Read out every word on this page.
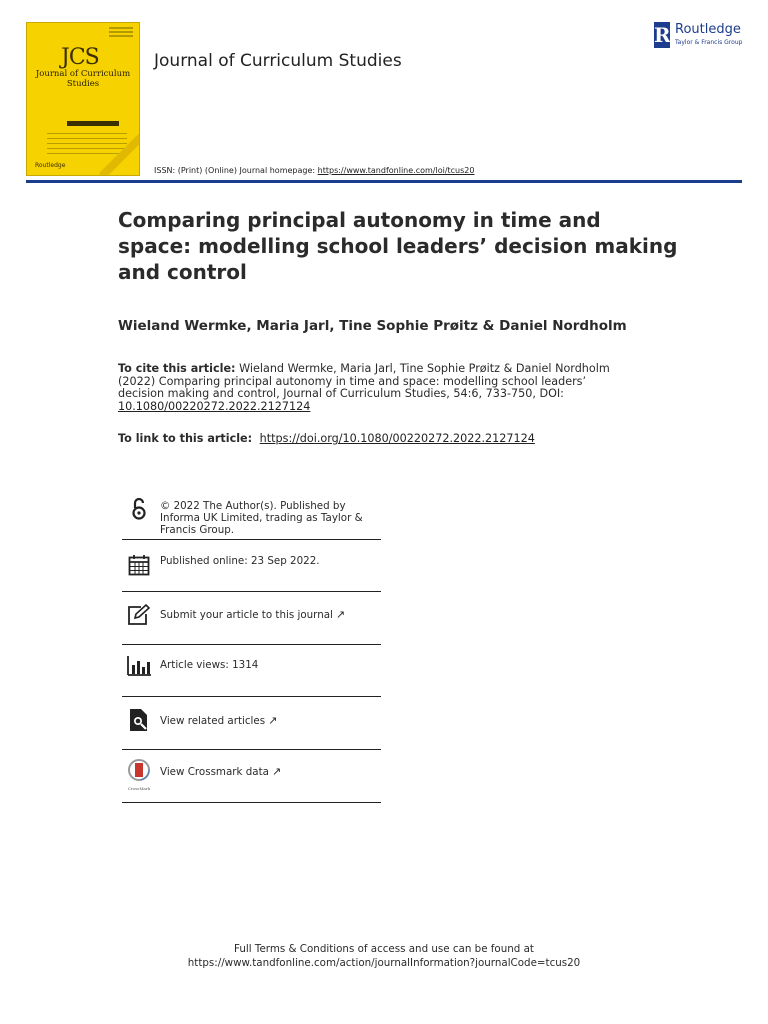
JCS
Journal of Curriculum Studies
Routledge
Journal of Curriculum Studies
R Routledge
Taylor & Francis Group
ISSN: (Print) (Online) Journal homepage: https://www.tandfonline.com/loi/tcus20
Comparing principal autonomy in time and space: modelling school leaders’ decision making and control
Wieland Wermke, Maria Jarl, Tine Sophie Prøitz & Daniel Nordholm
To cite this article: Wieland Wermke, Maria Jarl, Tine Sophie Prøitz & Daniel Nordholm (2022) Comparing principal autonomy in time and space: modelling school leaders’ decision making and control, Journal of Curriculum Studies, 54:6, 733-750, DOI: 10.1080/00220272.2022.2127124
To link to this article: https://doi.org/10.1080/00220272.2022.2127124
© 2022 The Author(s). Published by Informa UK Limited, trading as Taylor & Francis Group.
Published online: 23 Sep 2022.
Submit your article to this journal ↗
Article views: 1314
View related articles ↗
CrossMark
View Crossmark data ↗
Full Terms & Conditions of access and use can be found at
https://www.tandfonline.com/action/journalInformation?journalCode=tcus20
